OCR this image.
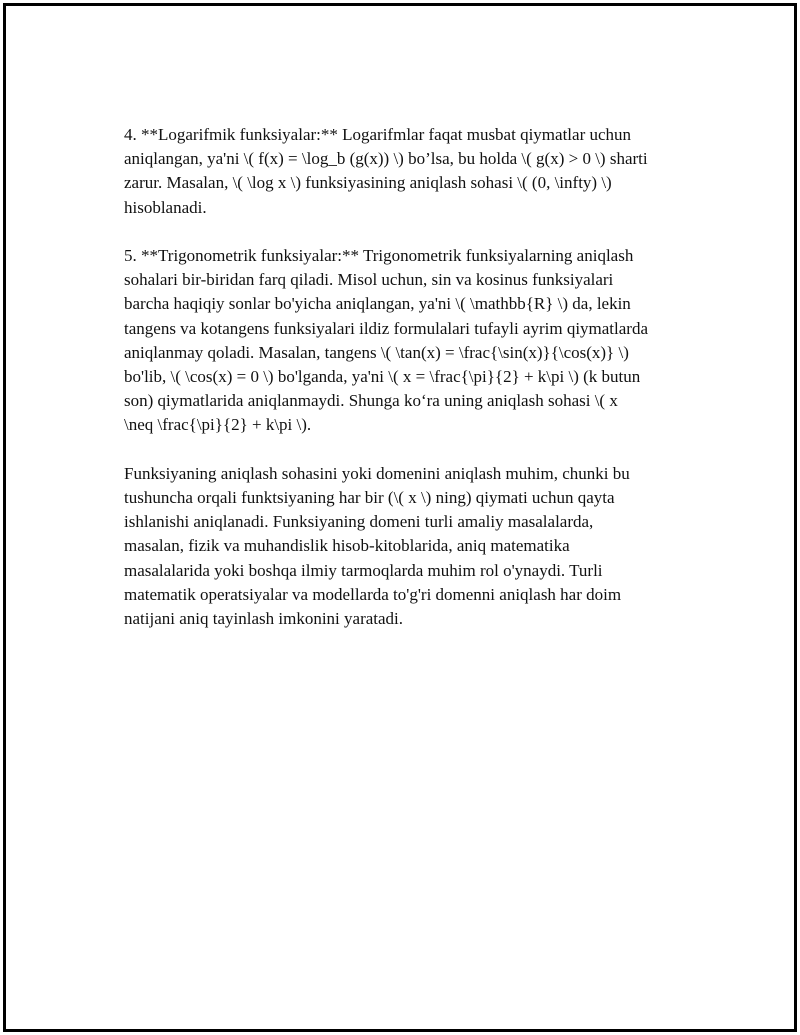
4. **Logarifmik funksiyalar:** Logarifmlar faqat musbat qiymatlar uchun
aniqlangan, ya'ni \( f(x) = \log_b (g(x)) \) bo’lsa, bu holda \( g(x) > 0 \) sharti
zarur. Masalan, \( \log x \) funksiyasining aniqlash sohasi \( (0, \infty) \)
hisoblanadi.

5. **Trigonometrik funksiyalar:** Trigonometrik funksiyalarning aniqlash
sohalari bir-biridan farq qiladi. Misol uchun, sin va kosinus funksiyalari
barcha haqiqiy sonlar bo'yicha aniqlangan, ya'ni \( \mathbb{R} \) da, lekin
tangens va kotangens funksiyalari ildiz formulalari tufayli ayrim qiymatlarda
aniqlanmay qoladi. Masalan, tangens \( \tan(x) = \frac{\sin(x)}{\cos(x)} \)
bo'lib, \( \cos(x) = 0 \) bo'lganda, ya'ni \( x = \frac{\pi}{2} + k\pi \) (k butun
son) qiymatlarida aniqlanmaydi. Shunga ko‘ra uning aniqlash sohasi \( x
\neq \frac{\pi}{2} + k\pi \).

Funksiyaning aniqlash sohasini yoki domenini aniqlash muhim, chunki bu
tushuncha orqali funktsiyaning har bir (\( x \) ning) qiymati uchun qayta
ishlanishi aniqlanadi. Funksiyaning domeni turli amaliy masalalarda,
masalan, fizik va muhandislik hisob-kitoblarida, aniq matematika
masalalarida yoki boshqa ilmiy tarmoqlarda muhim rol o'ynaydi. Turli
matematik operatsiyalar va modellarda to'g'ri domenni aniqlash har doim
natijani aniq tayinlash imkonini yaratadi.
